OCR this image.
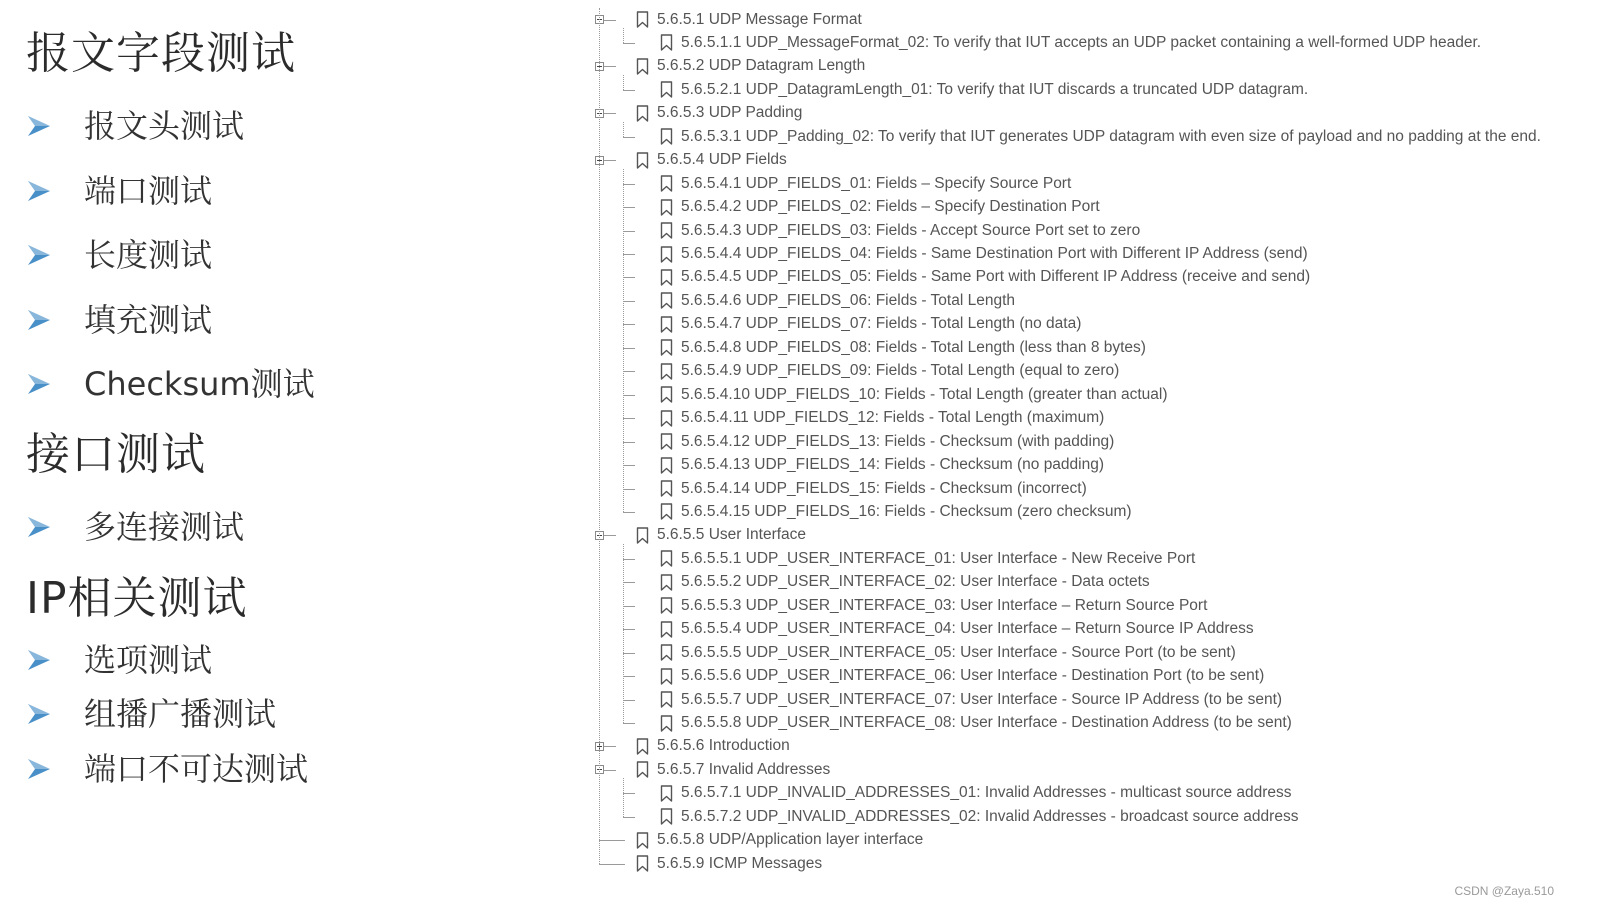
报文字段测试
报文头测试
端口测试
长度测试
填充测试
Checksum测试
接口测试
多连接测试
IP相关测试
选项测试
组播广播测试
端口不可达测试
5.6.5.1 UDP Message Format
5.6.5.1.1 UDP_MessageFormat_02: To verify that IUT accepts an UDP packet containing a well-formed UDP header.
5.6.5.2 UDP Datagram Length
5.6.5.2.1 UDP_DatagramLength_01: To verify that IUT discards a truncated UDP datagram.
5.6.5.3 UDP Padding
5.6.5.3.1 UDP_Padding_02: To verify that IUT generates UDP datagram with even size of payload and no padding at the end.
5.6.5.4 UDP Fields
5.6.5.4.1 UDP_FIELDS_01: Fields – Specify Source Port
5.6.5.4.2 UDP_FIELDS_02: Fields – Specify Destination Port
5.6.5.4.3 UDP_FIELDS_03: Fields - Accept Source Port set to zero
5.6.5.4.4 UDP_FIELDS_04: Fields - Same Destination Port with Different IP Address (send)
5.6.5.4.5 UDP_FIELDS_05: Fields - Same Port with Different IP Address (receive and send)
5.6.5.4.6 UDP_FIELDS_06: Fields - Total Length
5.6.5.4.7 UDP_FIELDS_07: Fields - Total Length (no data)
5.6.5.4.8 UDP_FIELDS_08: Fields - Total Length (less than 8 bytes)
5.6.5.4.9 UDP_FIELDS_09: Fields - Total Length (equal to zero)
5.6.5.4.10 UDP_FIELDS_10: Fields - Total Length (greater than actual)
5.6.5.4.11 UDP_FIELDS_12: Fields - Total Length (maximum)
5.6.5.4.12 UDP_FIELDS_13: Fields - Checksum (with padding)
5.6.5.4.13 UDP_FIELDS_14: Fields - Checksum (no padding)
5.6.5.4.14 UDP_FIELDS_15: Fields - Checksum (incorrect)
5.6.5.4.15 UDP_FIELDS_16: Fields - Checksum (zero checksum)
5.6.5.5 User Interface
5.6.5.5.1 UDP_USER_INTERFACE_01: User Interface - New Receive Port
5.6.5.5.2 UDP_USER_INTERFACE_02: User Interface - Data octets
5.6.5.5.3 UDP_USER_INTERFACE_03: User Interface – Return Source Port
5.6.5.5.4 UDP_USER_INTERFACE_04: User Interface – Return Source IP Address
5.6.5.5.5 UDP_USER_INTERFACE_05: User Interface - Source Port (to be sent)
5.6.5.5.6 UDP_USER_INTERFACE_06: User Interface - Destination Port (to be sent)
5.6.5.5.7 UDP_USER_INTERFACE_07: User Interface - Source IP Address (to be sent)
5.6.5.5.8 UDP_USER_INTERFACE_08: User Interface - Destination Address (to be sent)
5.6.5.6 Introduction
5.6.5.7 Invalid Addresses
5.6.5.7.1 UDP_INVALID_ADDRESSES_01: Invalid Addresses - multicast source address
5.6.5.7.2 UDP_INVALID_ADDRESSES_02: Invalid Addresses - broadcast source address
5.6.5.8 UDP/Application layer interface
5.6.5.9 ICMP Messages
CSDN @Zaya.510
